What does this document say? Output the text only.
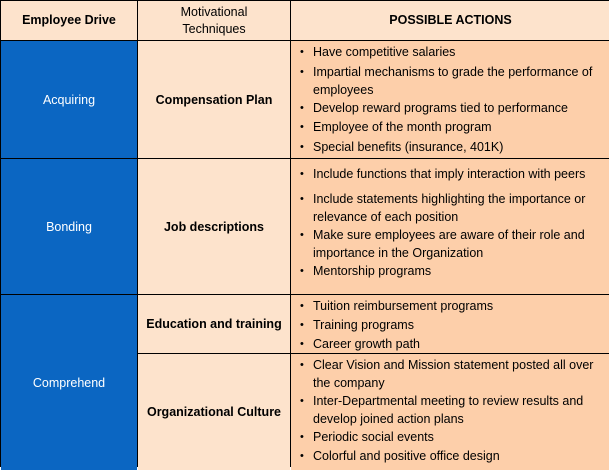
Employee Drive
Motivational
Techniques
POSSIBLE ACTIONS
Acquiring	Compensation Plan
• Have competitive salaries
• Impartial mechanisms to grade the performance of employees
• Develop reward programs tied to performance
• Employee of the month program
• Special benefits (insurance, 401K)
Bonding	Job descriptions
• Include functions that imply interaction with peers
• Include statements highlighting the importance or relevance of each position
• Make sure employees are aware of their role and importance in the Organization
• Mentorship programs
Comprehend
Education and training
• Tuition reimbursement programs
• Training programs
• Career growth path
Organizational Culture
• Clear Vision and Mission statement posted all over the company
• Inter-Departmental meeting to review results and develop joined action plans
• Periodic social events
• Colorful and positive office design
